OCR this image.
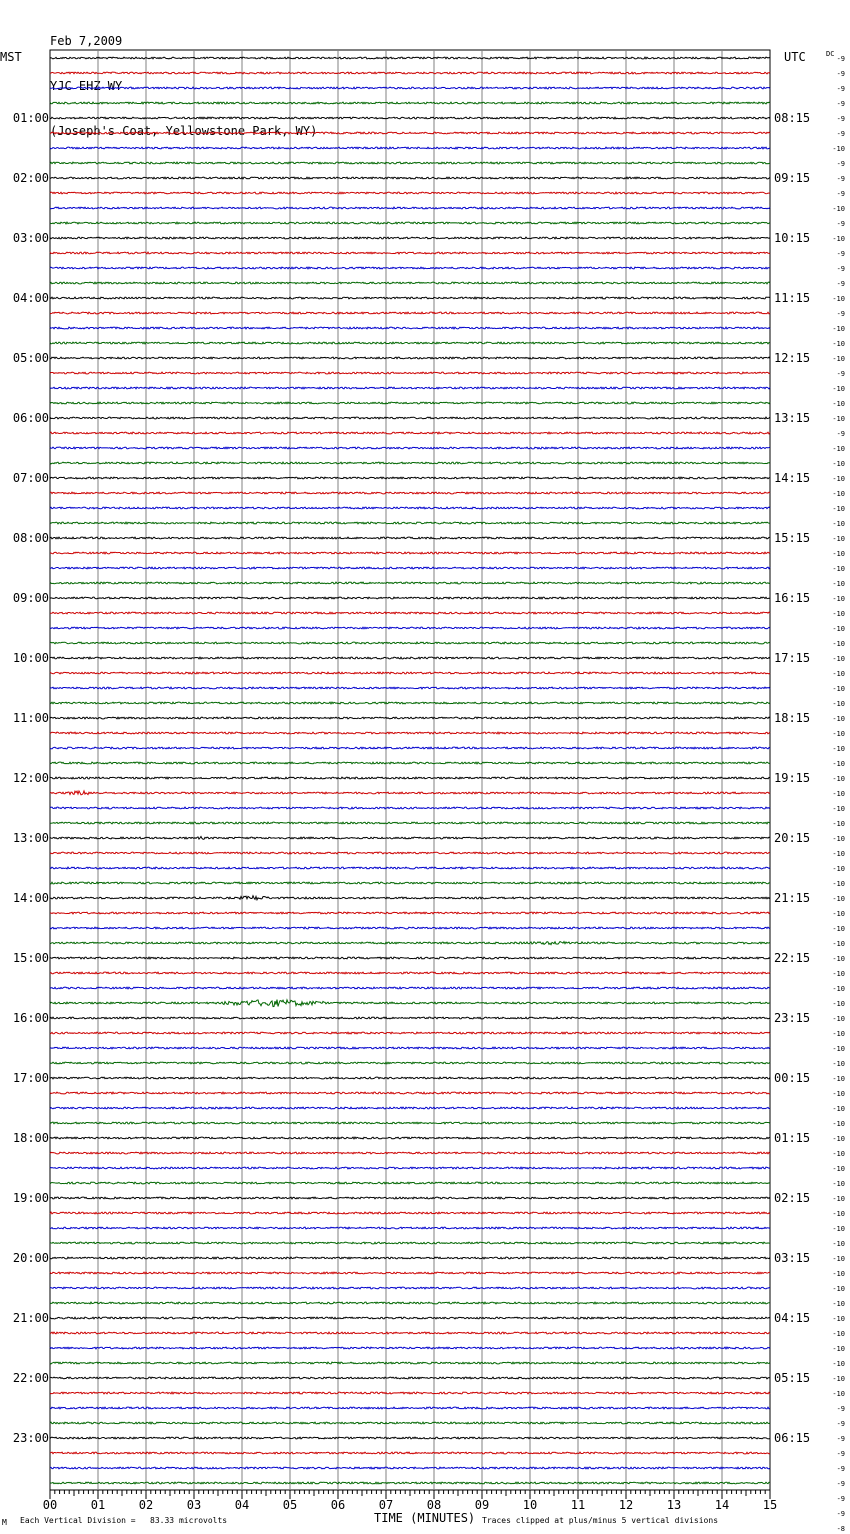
Feb 7,2009

YJC EHZ WY

(Joseph's Coat, Yellowstone Park, WY)

MST	UTC
01:00
02:00
03:00
04:00
05:00
06:00
07:00
08:00
09:00
10:00
11:00
12:00
13:00
14:00
15:00
16:00
17:00
18:00
19:00
20:00
21:00
22:00
23:00
08:15
09:15
10:15
11:15
12:15
13:15
14:15
15:15
16:15
17:15
18:15
19:15
20:15
21:15
22:15
23:15
00:15
01:15
02:15
03:15
04:15
05:15
06:15
DC
-9
-9
-9
-9
-9
-9
-10
-9
-9
-9
-10
-9
-10
-9
-9
-9
-10
-9
-10
-10
-10
-9
-10
-10
-10
-9
-10
-10
-10
-10
-10
-10
-10
-10
-10
-10
-10
-10
-10
-10
-10
-10
-10
-10
-10
-10
-10
-10
-10
-10
-10
-10
-10
-10
-10
-10
-10
-10
-10
-10
-10
-10
-10
-10
-10
-10
-10
-10
-10
-10
-10
-10
-10
-10
-10
-10
-10
-10
-10
-10
-10
-10
-10
-10
-10
-10
-10
-10
-10
-10
-9
-9
-9
-9
-9
-9
-9
-9
-8
00	01	02	03	04	05	06	07	08	09	10	11	12	13	14	15
M Each Vertical Division =   83.33 microvolts	TIME (MINUTES) Traces clipped at plus/minus 5 vertical divisions
